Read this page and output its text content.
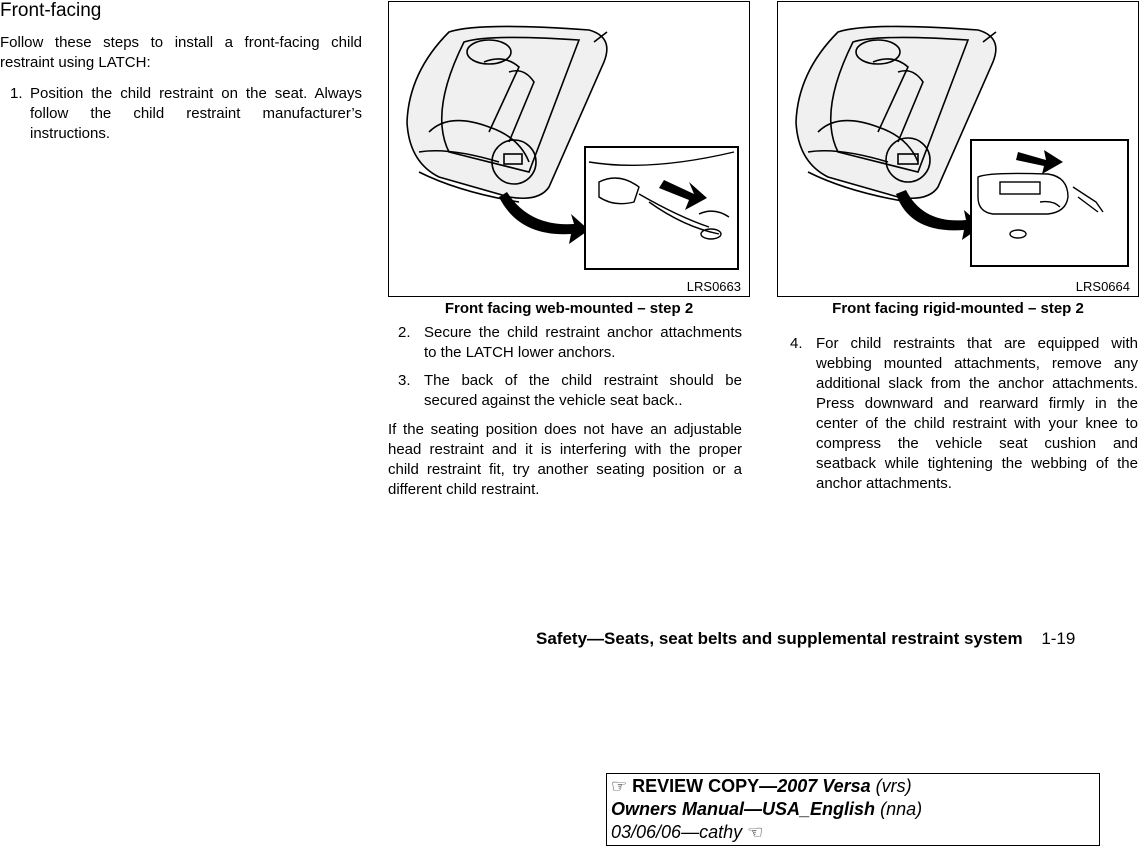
Front-facing
Follow these steps to install a front-facing child restraint using LATCH:
1. Position the child restraint on the seat. Always follow the child restraint manufacturer’s instructions.
LRS0663
Front facing web-mounted – step 2
LRS0664
Front facing rigid-mounted – step 2
2. Secure the child restraint anchor attachments to the LATCH lower anchors.
3. The back of the child restraint should be secured against the vehicle seat back..
If the seating position does not have an adjustable head restraint and it is interfering with the proper child restraint fit, try another seating position or a different child restraint.
4. For child restraints that are equipped with webbing mounted attachments, remove any additional slack from the anchor attachments. Press downward and rearward firmly in the center of the child restraint with your knee to compress the vehicle seat cushion and seatback while tightening the webbing of the anchor attachments.
Safety—Seats, seat belts and supplemental restraint system 1-19
☞ REVIEW COPY—2007 Versa (vrs)
Owners Manual—USA_English (nna)
03/06/06—cathy ☜
